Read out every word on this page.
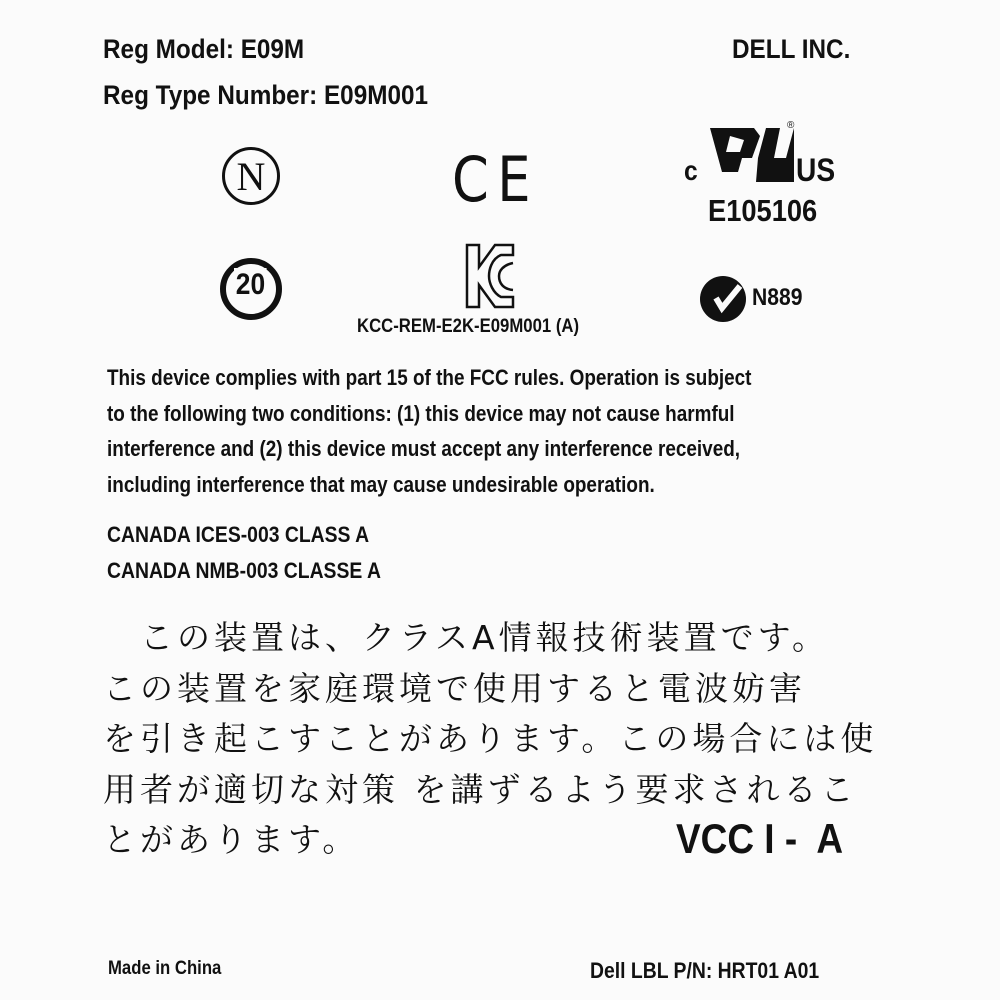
Reg Model: E09M
Reg Type Number: E09M001
DELL INC.
N	CE	c
®
US
E105106
20
KCC-REM-E2K-E09M001 (A)
N889
This device complies with part 15 of the FCC rules. Operation is subject
to the following two conditions: (1) this device may not cause harmful
interference and (2) this device must accept any interference received,
including interference that may cause undesirable operation.
CANADA ICES-003 CLASS A
CANADA NMB-003 CLASSE A
　この装置は、クラスA情報技術装置です。
この装置を家庭環境で使用すると電波妨害
を引き起こすことがあります。この場合には使
用者が適切な対策 を講ずるよう要求されるこ
とがあります。	VCC I -  A
Made in China	Dell LBL P/N: HRT01 A01
